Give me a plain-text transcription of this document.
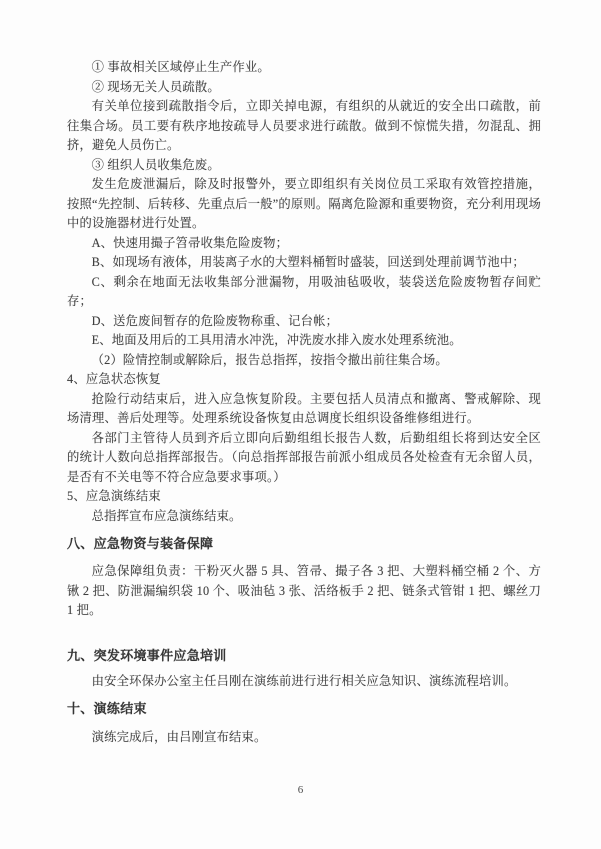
① 事故相关区域停止生产作业。

② 现场无关人员疏散。

有关单位接到疏散指令后，立即关掉电源，有组织的从就近的安全出口疏散，前往集合场。员工要有秩序地按疏导人员要求进行疏散。做到不惊慌失措，勿混乱、拥挤，避免人员伤亡。

③ 组织人员收集危废。

发生危废泄漏后，除及时报警外，要立即组织有关岗位员工采取有效管控措施，按照“先控制、后转移、先重点后一般”的原则。隔离危险源和重要物资，充分利用现场中的设施器材进行处置。

A、快速用撮子笤帚收集危险废物；

B、如现场有液体，用装离子水的大塑料桶暂时盛装，回送到处理前调节池中；

C、剩余在地面无法收集部分泄漏物，用吸油毡吸收，装袋送危险废物暂存间贮存；

D、送危废间暂存的危险废物称重、记台帐；

E、地面及用后的工具用清水冲洗，冲洗废水排入废水处理系统池。

（2）险情控制或解除后，报告总指挥，按指令撤出前往集合场。

4、应急状态恢复

抢险行动结束后，进入应急恢复阶段。主要包括人员清点和撤离、警戒解除、现场清理、善后处理等。处理系统设备恢复由总调度长组织设备维修组进行。

各部门主管待人员到齐后立即向后勤组组长报告人数，后勤组组长将到达安全区的统计人数向总指挥部报告。（向总指挥部报告前派小组成员各处检查有无余留人员，是否有不关电等不符合应急要求事项。）

5、应急演练结束

总指挥宣布应急演练结束。

八、应急物资与装备保障

应急保障组负责：干粉灭火器 5 具、笤帚、撮子各 3 把、大塑料桶空桶 2 个、方锹 2 把、防泄漏编织袋 10 个、吸油毡 3 张、活络板手 2 把、链条式管钳 1 把、螺丝刀 1 把。

九、突发环境事件应急培训

由安全环保办公室主任吕刚在演练前进行进行相关应急知识、演练流程培训。

十、演练结束

演练完成后，由吕刚宣布结束。

6
